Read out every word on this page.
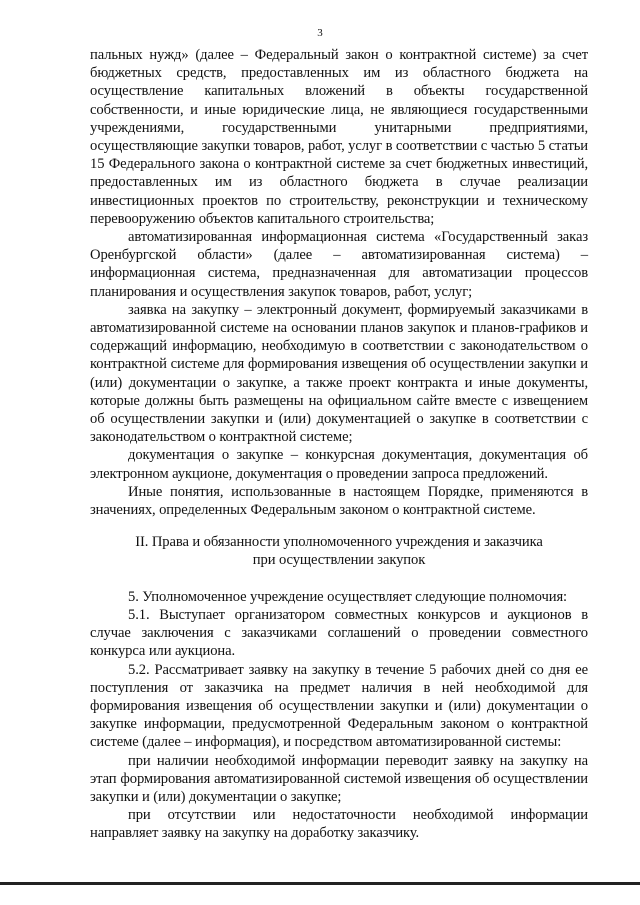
3

пальных нужд» (далее – Федеральный закон о контрактной системе) за счет бюджетных средств, предоставленных им из областного бюджета на осуществление капитальных вложений в объекты государственной собственности, и иные юридические лица, не являющиеся государственными учреждениями, государственными унитарными предприятиями, осуществляющие закупки товаров, работ, услуг в соответствии с частью 5 статьи 15 Федерального закона о контрактной системе за счет бюджетных инвестиций, предоставленных им из областного бюджета в случае реализации инвестиционных проектов по строительству, реконструкции и техническому перевооружению объектов капитального строительства;

автоматизированная информационная система «Государственный заказ Оренбургской области» (далее – автоматизированная система) – информационная система, предназначенная для автоматизации процессов планирования и осуществления закупок товаров, работ, услуг;

заявка на закупку – электронный документ, формируемый заказчиками в автоматизированной системе на основании планов закупок и планов-графиков и содержащий информацию, необходимую в соответствии с законодательством о контрактной системе для формирования извещения об осуществлении закупки и (или) документации о закупке, а также проект контракта и иные документы, которые должны быть размещены на официальном сайте вместе с извещением об осуществлении закупки и (или) документацией о закупке в соответствии с законодательством о контрактной системе;

документация о закупке – конкурсная документация, документация об электронном аукционе, документация о проведении запроса предложений.

Иные понятия, использованные в настоящем Порядке, применяются в значениях, определенных Федеральным законом о контрактной системе.

II. Права и обязанности уполномоченного учреждения и заказчика
при осуществлении закупок

5. Уполномоченное учреждение осуществляет следующие полномочия:

5.1. Выступает организатором совместных конкурсов и аукционов в случае заключения с заказчиками соглашений о проведении совместного конкурса или аукциона.

5.2. Рассматривает заявку на закупку в течение 5 рабочих дней со дня ее поступления от заказчика на предмет наличия в ней необходимой для формирования извещения об осуществлении закупки и (или) документации о закупке информации, предусмотренной Федеральным законом о контрактной системе (далее – информация), и посредством автоматизированной системы:

при наличии необходимой информации переводит заявку на закупку на этап формирования автоматизированной системой извещения об осуществлении закупки и (или) документации о закупке;

при отсутствии или недостаточности необходимой информации направляет заявку на закупку на доработку заказчику.
